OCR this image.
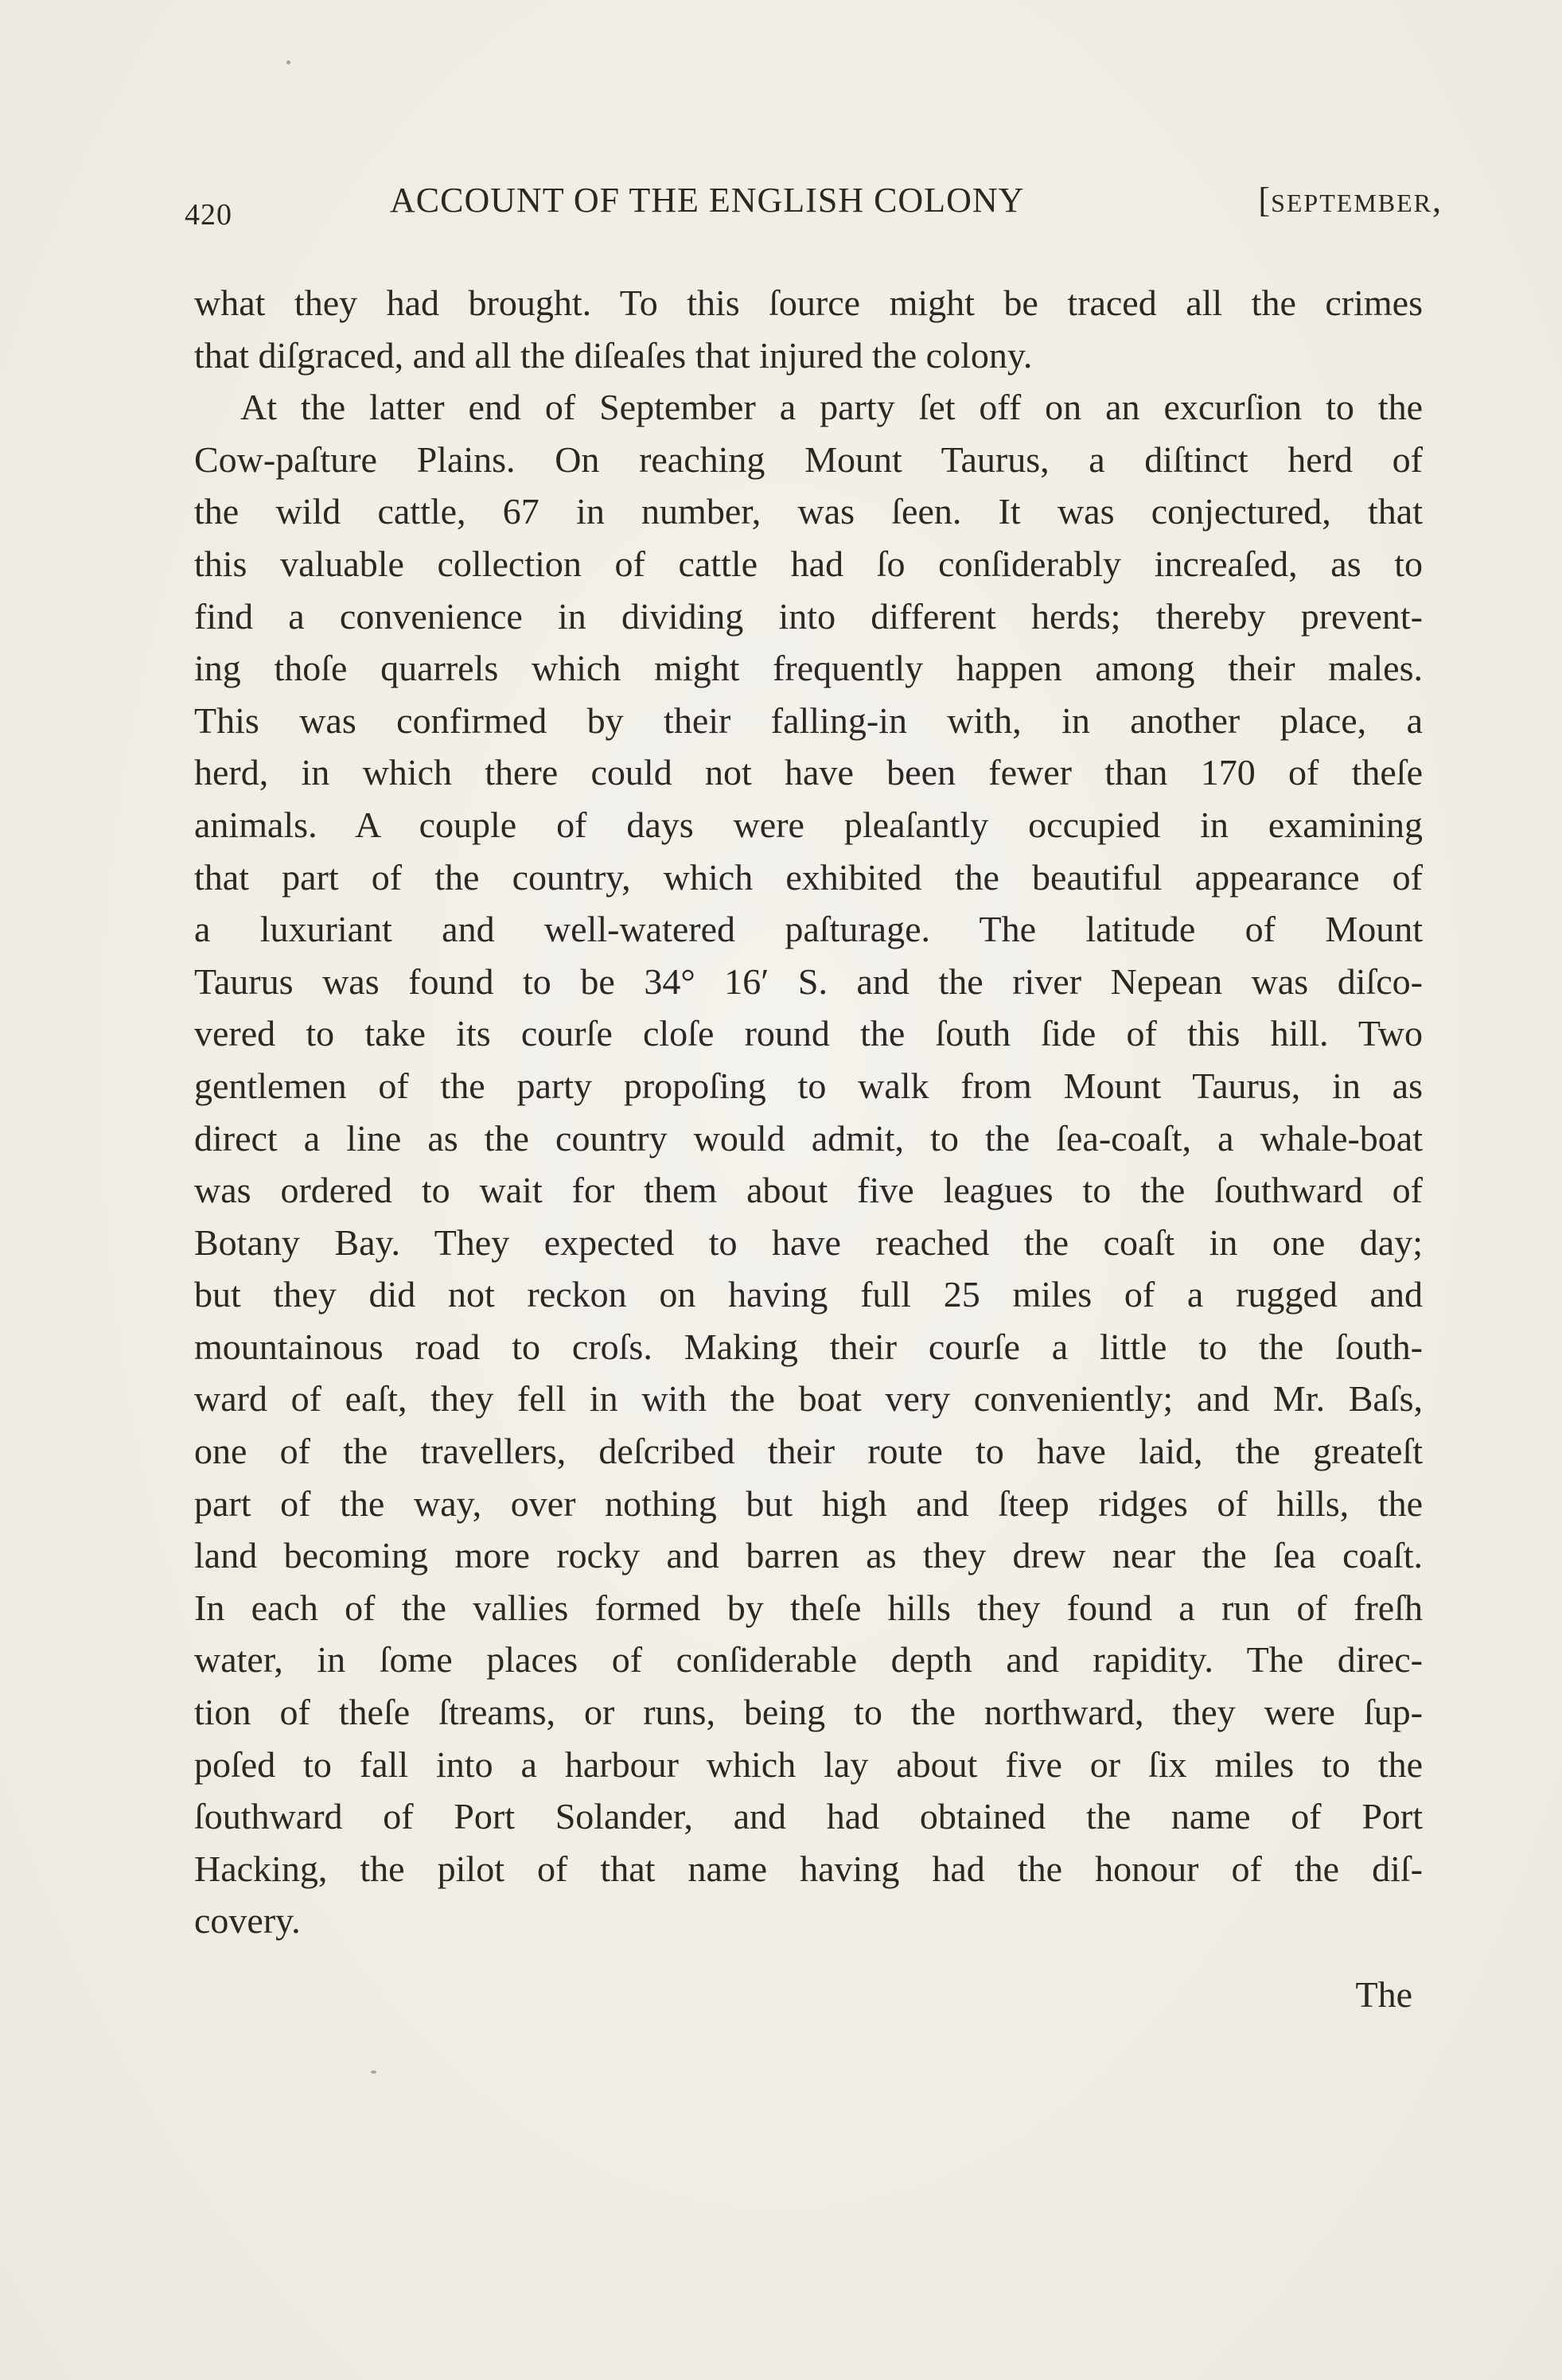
420	ACCOUNT OF THE ENGLISH COLONY	[SEPTEMBER,
what they had brought. To this ſource might be traced all the crimes
that diſgraced, and all the diſeaſes that injured the colony.
At the latter end of September a party ſet off on an excurſion to the
Cow-paſture Plains. On reaching Mount Taurus, a diſtinct herd of
the wild cattle, 67 in number, was ſeen. It was conjectured, that
this valuable collection of cattle had ſo conſiderably increaſed, as to
find a convenience in dividing into different herds; thereby prevent-
ing thoſe quarrels which might frequently happen among their males.
This was confirmed by their falling-in with, in another place, a
herd, in which there could not have been fewer than 170 of theſe
animals. A couple of days were pleaſantly occupied in examining
that part of the country, which exhibited the beautiful appearance of
a luxuriant and well-watered paſturage. The latitude of Mount
Taurus was found to be 34° 16′ S. and the river Nepean was diſco-
vered to take its courſe cloſe round the ſouth ſide of this hill. Two
gentlemen of the party propoſing to walk from Mount Taurus, in as
direct a line as the country would admit, to the ſea-coaſt, a whale-boat
was ordered to wait for them about five leagues to the ſouthward of
Botany Bay. They expected to have reached the coaſt in one day;
but they did not reckon on having full 25 miles of a rugged and
mountainous road to croſs. Making their courſe a little to the ſouth-
ward of eaſt, they fell in with the boat very conveniently; and Mr. Baſs,
one of the travellers, deſcribed their route to have laid, the greateſt
part of the way, over nothing but high and ſteep ridges of hills, the
land becoming more rocky and barren as they drew near the ſea coaſt.
In each of the vallies formed by theſe hills they found a run of freſh
water, in ſome places of conſiderable depth and rapidity. The direc-
tion of theſe ſtreams, or runs, being to the northward, they were ſup-
poſed to fall into a harbour which lay about five or ſix miles to the
ſouthward of Port Solander, and had obtained the name of Port
Hacking, the pilot of that name having had the honour of the diſ-
covery.
The
